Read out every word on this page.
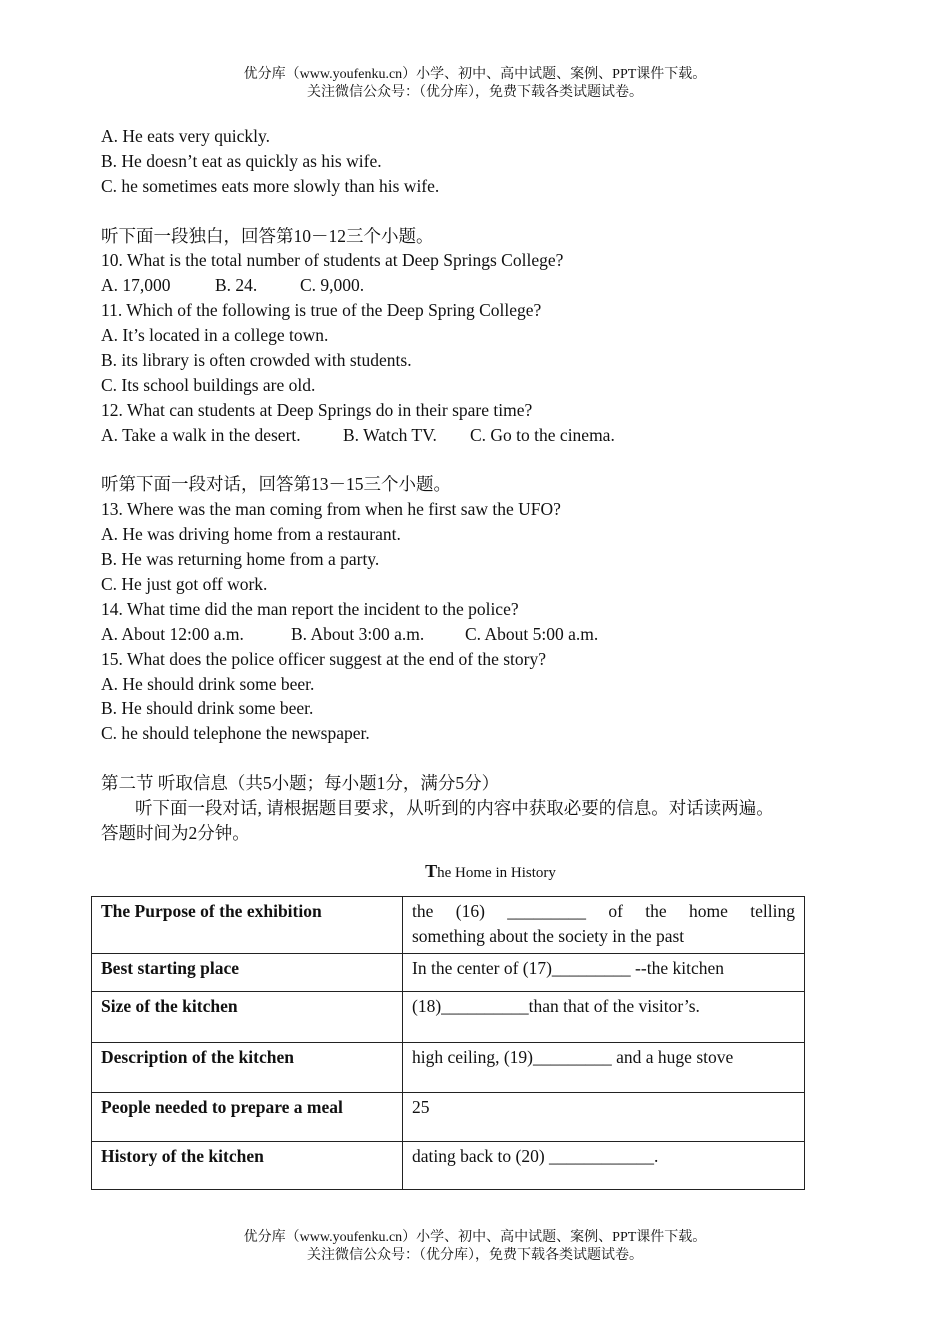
优分库（www.youfenku.cn）小学、初中、高中试题、案例、PPT课件下载。
关注微信公众号：（优分库），免费下载各类试题试卷。
A. He eats very quickly.
B. He doesn’t eat as quickly as his wife.
C. he sometimes eats more slowly than his wife.
听下面一段独白，回答第10－12三个小题。
10. What is the total number of students at Deep Springs College?
A. 17,000	B. 24. C. 9,000.
11. Which of the following is true of the Deep Spring College?
A. It’s located in a college town.
B. its library is often crowded with students.
C. Its school buildings are old.
12. What can students at Deep Springs do in their spare time?
A. Take a walk in the desert. B. Watch TV. C. Go to the cinema.
听第下面一段对话，回答第13－15三个小题。
13. Where was the man coming from when he first saw the UFO?
A. He was driving home from a restaurant.
B. He was returning home from a party.
C. He just got off work.
14. What time did the man report the incident to the police?
A. About 12:00 a.m.	B. About 3:00 a.m. C. About 5:00 a.m.
15. What does the police officer suggest at the end of the story?
A. He should drink some beer.
B. He should drink some beer.
C. he should telephone the newspaper.
第二节 听取信息（共5小题；每小题1分，满分5分）
听下面一段对话, 请根据题目要求，从听到的内容中获取必要的信息。对话读两遍。
答题时间为2分钟。
The Home in History
The Purpose of the exhibition	the (16) _________ of the home telling
something about the society in the past

Best starting place	In the center of (17)_________ --the kitchen
Size of the kitchen	(18)__________than that of the visitor’s.
Description of the kitchen	high ceiling, (19)_________ and a huge stove
People needed to prepare a meal	25
History of the kitchen	dating back to (20) ____________.
优分库（www.youfenku.cn）小学、初中、高中试题、案例、PPT课件下载。
关注微信公众号：（优分库），免费下载各类试题试卷。
